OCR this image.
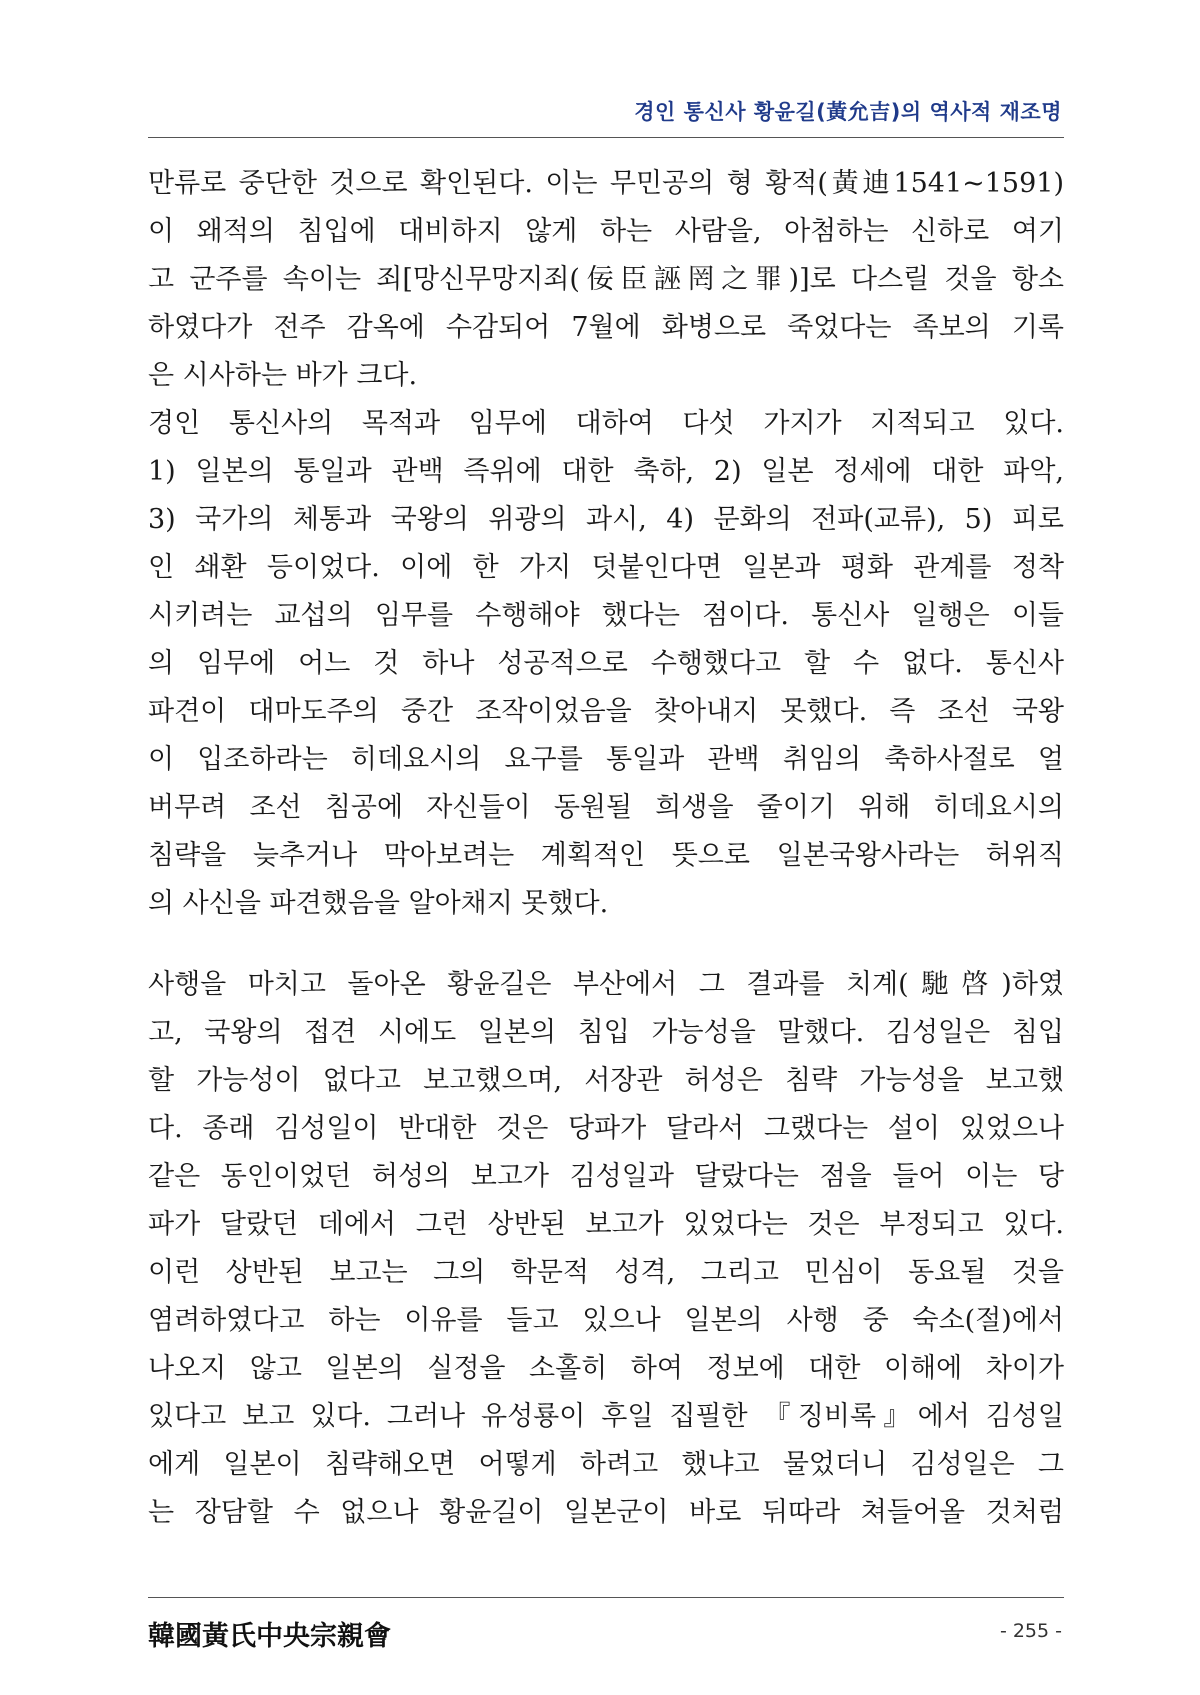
경인 통신사 황윤길(黃允吉)의 역사적 재조명
만류로 중단한 것으로 확인된다. 이는 무민공의 형 황적(黃迪1541~1591)
이 왜적의 침입에 대비하지 않게 하는 사람을, 아첨하는 신하로 여기
고 군주를 속이는 죄[망신무망지죄(佞臣誣罔之罪)]로 다스릴 것을 항소
하였다가 전주 감옥에 수감되어 7월에 화병으로 죽었다는 족보의 기록
은 시사하는 바가 크다.
경인 통신사의 목적과 임무에 대하여 다섯 가지가 지적되고 있다.
1) 일본의 통일과 관백 즉위에 대한 축하, 2) 일본 정세에 대한 파악,
3) 국가의 체통과 국왕의 위광의 과시, 4) 문화의 전파(교류), 5) 피로
인 쇄환 등이었다. 이에 한 가지 덧붙인다면 일본과 평화 관계를 정착
시키려는 교섭의 임무를 수행해야 했다는 점이다. 통신사 일행은 이들
의 임무에 어느 것 하나 성공적으로 수행했다고 할 수 없다. 통신사
파견이 대마도주의 중간 조작이었음을 찾아내지 못했다. 즉 조선 국왕
이 입조하라는 히데요시의 요구를 통일과 관백 취임의 축하사절로 얼
버무려 조선 침공에 자신들이 동원될 희생을 줄이기 위해 히데요시의
침략을 늦추거나 막아보려는 계획적인 뜻으로 일본국왕사라는 허위직
의 사신을 파견했음을 알아채지 못했다.
사행을 마치고 돌아온 황윤길은 부산에서 그 결과를 치계(馳啓)하였
고, 국왕의 접견 시에도 일본의 침입 가능성을 말했다. 김성일은 침입
할 가능성이 없다고 보고했으며, 서장관 허성은 침략 가능성을 보고했
다. 종래 김성일이 반대한 것은 당파가 달라서 그랬다는 설이 있었으나
같은 동인이었던 허성의 보고가 김성일과 달랐다는 점을 들어 이는 당
파가 달랐던 데에서 그런 상반된 보고가 있었다는 것은 부정되고 있다.
이런 상반된 보고는 그의 학문적 성격, 그리고 민심이 동요될 것을
염려하였다고 하는 이유를 들고 있으나 일본의 사행 중 숙소(절)에서
나오지 않고 일본의 실정을 소홀히 하여 정보에 대한 이해에 차이가
있다고 보고 있다. 그러나 유성룡이 후일 집필한 『징비록』에서 김성일
에게 일본이 침략해오면 어떻게 하려고 했냐고 물었더니 김성일은 그
는 장담할 수 없으나 황윤길이 일본군이 바로 뒤따라 쳐들어올 것처럼
韓國黃氏中央宗親會	- 255 -
